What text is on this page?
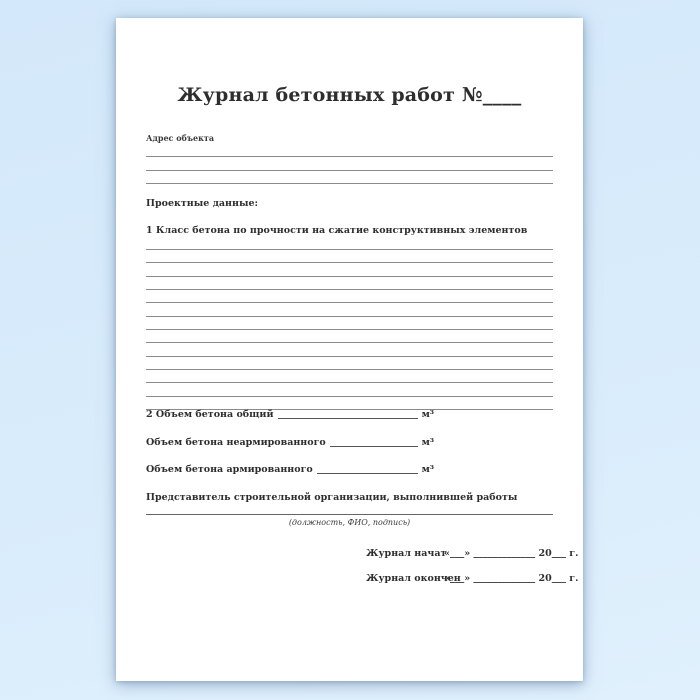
Журнал бетонных работ №____
Адрес объекта
Проектные данные:
1 Класс бетона по прочности на сжатие конструктивных элементов
2 Объем бетона общий	м³
Объем бетона неармированного	м³
Объем бетона армированного	м³
Представитель строительной организации, выполнившей работы
(должность, ФИО, подпись)
Журнал начат
«___» _____________ 20___ г.
Журнал окончен
«___» _____________ 20___ г.
